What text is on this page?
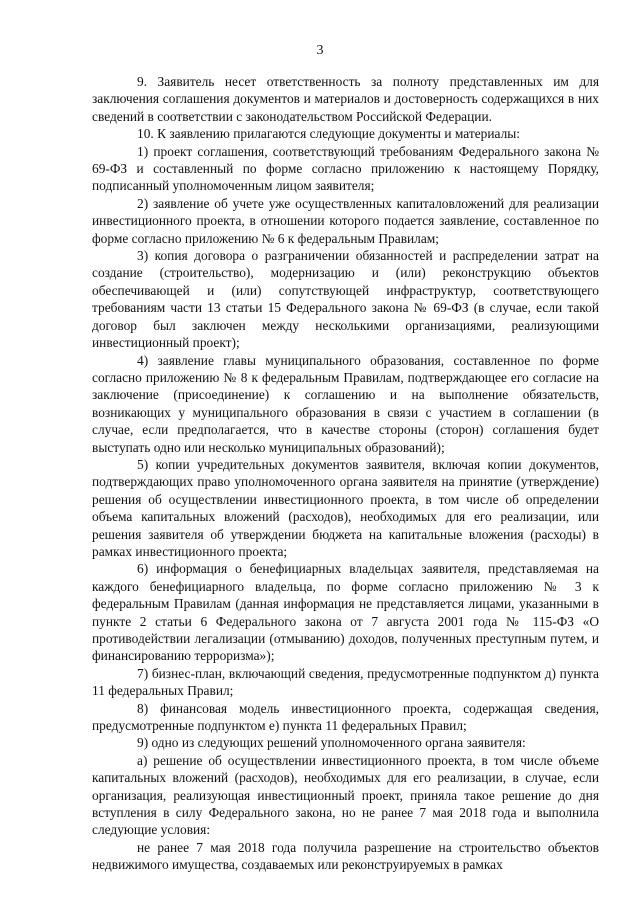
3

9. Заявитель несет ответственность за полноту представленных им для заключения соглашения документов и материалов и достоверность содержащихся в них сведений в соответствии с законодательством Российской Федерации.

10. К заявлению прилагаются следующие документы и материалы:

1) проект соглашения, соответствующий требованиям Федерального закона № 69-ФЗ и составленный по форме согласно приложению к настоящему Порядку, подписанный уполномоченным лицом заявителя;

2) заявление об учете уже осуществленных капиталовложений для реализации инвестиционного проекта, в отношении которого подается заявление, составленное по форме согласно приложению № 6 к федеральным Правилам;

3) копия договора о разграничении обязанностей и распределении затрат на создание (строительство), модернизацию и (или) реконструкцию объектов обеспечивающей и (или) сопутствующей инфраструктур, соответствующего требованиям части 13 статьи 15 Федерального закона № 69-ФЗ (в случае, если такой договор был заключен между несколькими организациями, реализующими инвестиционный проект);

4) заявление главы муниципального образования, составленное по форме согласно приложению № 8 к федеральным Правилам, подтверждающее его согласие на заключение (присоединение) к соглашению и на выполнение обязательств, возникающих у муниципального образования в связи с участием в соглашении (в случае, если предполагается, что в качестве стороны (сторон) соглашения будет выступать одно или несколько муниципальных образований);

5) копии учредительных документов заявителя, включая копии документов, подтверждающих право уполномоченного органа заявителя на принятие (утверждение) решения об осуществлении инвестиционного проекта, в том числе об определении объема капитальных вложений (расходов), необходимых для его реализации, или решения заявителя об утверждении бюджета на капитальные вложения (расходы) в рамках инвестиционного проекта;

6) информация о бенефициарных владельцах заявителя, представляемая на каждого бенефициарного владельца, по форме согласно приложению № 3 к федеральным Правилам (данная информация не представляется лицами, указанными в пункте 2 статьи 6 Федерального закона от 7 августа 2001 года № 115-ФЗ «О противодействии легализации (отмыванию) доходов, полученных преступным путем, и финансированию терроризма»);

7) бизнес-план, включающий сведения, предусмотренные подпунктом д) пункта 11 федеральных Правил;

8) финансовая модель инвестиционного проекта, содержащая сведения, предусмотренные подпунктом е) пункта 11 федеральных Правил;

9) одно из следующих решений уполномоченного органа заявителя:

а) решение об осуществлении инвестиционного проекта, в том числе объеме капитальных вложений (расходов), необходимых для его реализации, в случае, если организация, реализующая инвестиционный проект, приняла такое решение до дня вступления в силу Федерального закона, но не ранее 7 мая 2018 года и выполнила следующие условия:

не ранее 7 мая 2018 года получила разрешение на строительство объектов недвижимого имущества, создаваемых или реконструируемых в рамках
